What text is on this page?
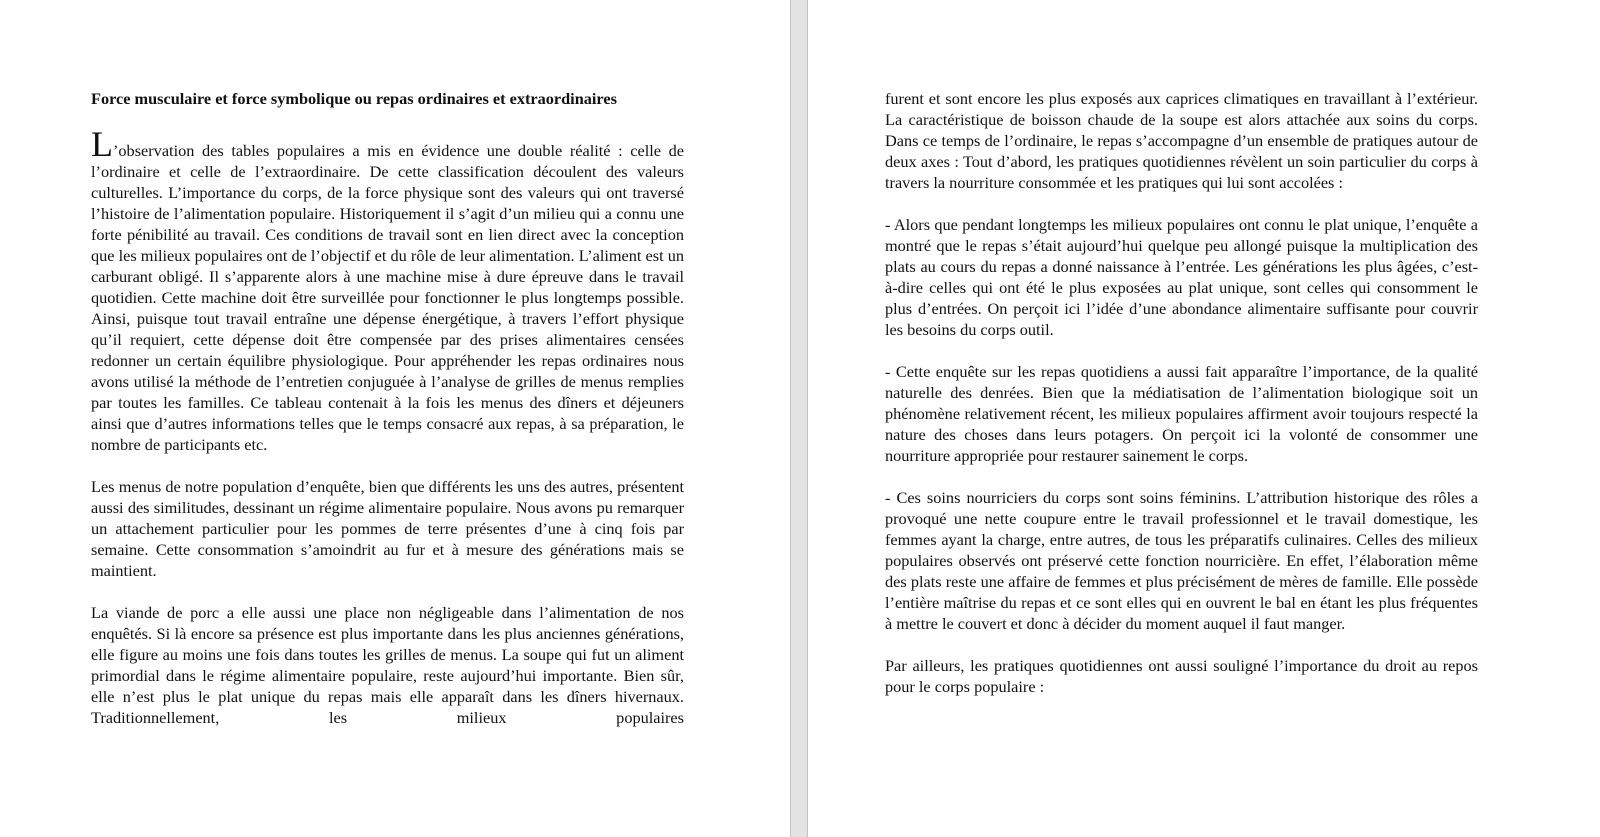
Force musculaire et force symbolique ou repas ordinaires et extraordinaires

L’observation des tables populaires a mis en évidence une double réalité : celle de l’ordinaire et celle de l’extraordinaire. De cette classification découlent des valeurs culturelles. L’importance du corps, de la force physique sont des valeurs qui ont traversé l’histoire de l’alimentation populaire. Historiquement il s’agit d’un milieu qui a connu une forte pénibilité au travail. Ces conditions de travail sont en lien direct avec la conception que les milieux populaires ont de l’objectif et du rôle de leur alimentation. L’aliment est un carburant obligé. Il s’apparente alors à une machine mise à dure épreuve dans le travail quotidien. Cette machine doit être surveillée pour fonctionner le plus longtemps possible. Ainsi, puisque tout travail entraîne une dépense énergétique, à travers l’effort physique qu’il requiert, cette dépense doit être compensée par des prises alimentaires censées redonner un certain équilibre physiologique. Pour appréhender les repas ordinaires nous avons utilisé la méthode de l’entretien conjuguée à l’analyse de grilles de menus remplies par toutes les familles. Ce tableau contenait à la fois les menus des dîners et déjeuners ainsi que d’autres informations telles que le temps consacré aux repas, à sa préparation, le nombre de participants etc.

Les menus de notre population d’enquête, bien que différents les uns des autres, présentent aussi des similitudes, dessinant un régime alimentaire populaire. Nous avons pu remarquer un attachement particulier pour les pommes de terre présentes d’une à cinq fois par semaine. Cette consommation s’amoindrit au fur et à mesure des générations mais se maintient.

La viande de porc a elle aussi une place non négligeable dans l’alimentation de nos enquêtés. Si là encore sa présence est plus importante dans les plus anciennes générations, elle figure au moins une fois dans toutes les grilles de menus. La soupe qui fut un aliment primordial dans le régime alimentaire populaire, reste aujourd’hui importante. Bien sûr, elle n’est plus le plat unique du repas mais elle apparaît dans les dîners hivernaux. Traditionnellement, les milieux populaires

furent et sont encore les plus exposés aux caprices climatiques en travaillant à l’extérieur. La caractéristique de boisson chaude de la soupe est alors attachée aux soins du corps. Dans ce temps de l’ordinaire, le repas s’accompagne d’un ensemble de pratiques autour de deux axes : Tout d’abord, les pratiques quotidiennes révèlent un soin particulier du corps à travers la nourriture consommée et les pratiques qui lui sont accolées :

- Alors que pendant longtemps les milieux populaires ont connu le plat unique, l’enquête a montré que le repas s’était aujourd’hui quelque peu allongé puisque la multiplication des plats au cours du repas a donné naissance à l’entrée. Les générations les plus âgées, c’est-à-dire celles qui ont été le plus exposées au plat unique, sont celles qui consomment le plus d’entrées. On perçoit ici l’idée d’une abondance alimentaire suffisante pour couvrir les besoins du corps outil.

- Cette enquête sur les repas quotidiens a aussi fait apparaître l’importance, de la qualité naturelle des denrées. Bien que la médiatisation de l’alimentation biologique soit un phénomène relativement récent, les milieux populaires affirment avoir toujours respecté la nature des choses dans leurs potagers. On perçoit ici la volonté de consommer une nourriture appropriée pour restaurer sainement le corps.

- Ces soins nourriciers du corps sont soins féminins. L’attribution historique des rôles a provoqué une nette coupure entre le travail professionnel et le travail domestique, les femmes ayant la charge, entre autres, de tous les préparatifs culinaires. Celles des milieux populaires observés ont préservé cette fonction nourricière. En effet, l’élaboration même des plats reste une affaire de femmes et plus précisément de mères de famille. Elle possède l’entière maîtrise du repas et ce sont elles qui en ouvrent le bal en étant les plus fréquentes à mettre le couvert et donc à décider du moment auquel il faut manger.

Par ailleurs, les pratiques quotidiennes ont aussi souligné l’importance du droit au repos pour le corps populaire :
